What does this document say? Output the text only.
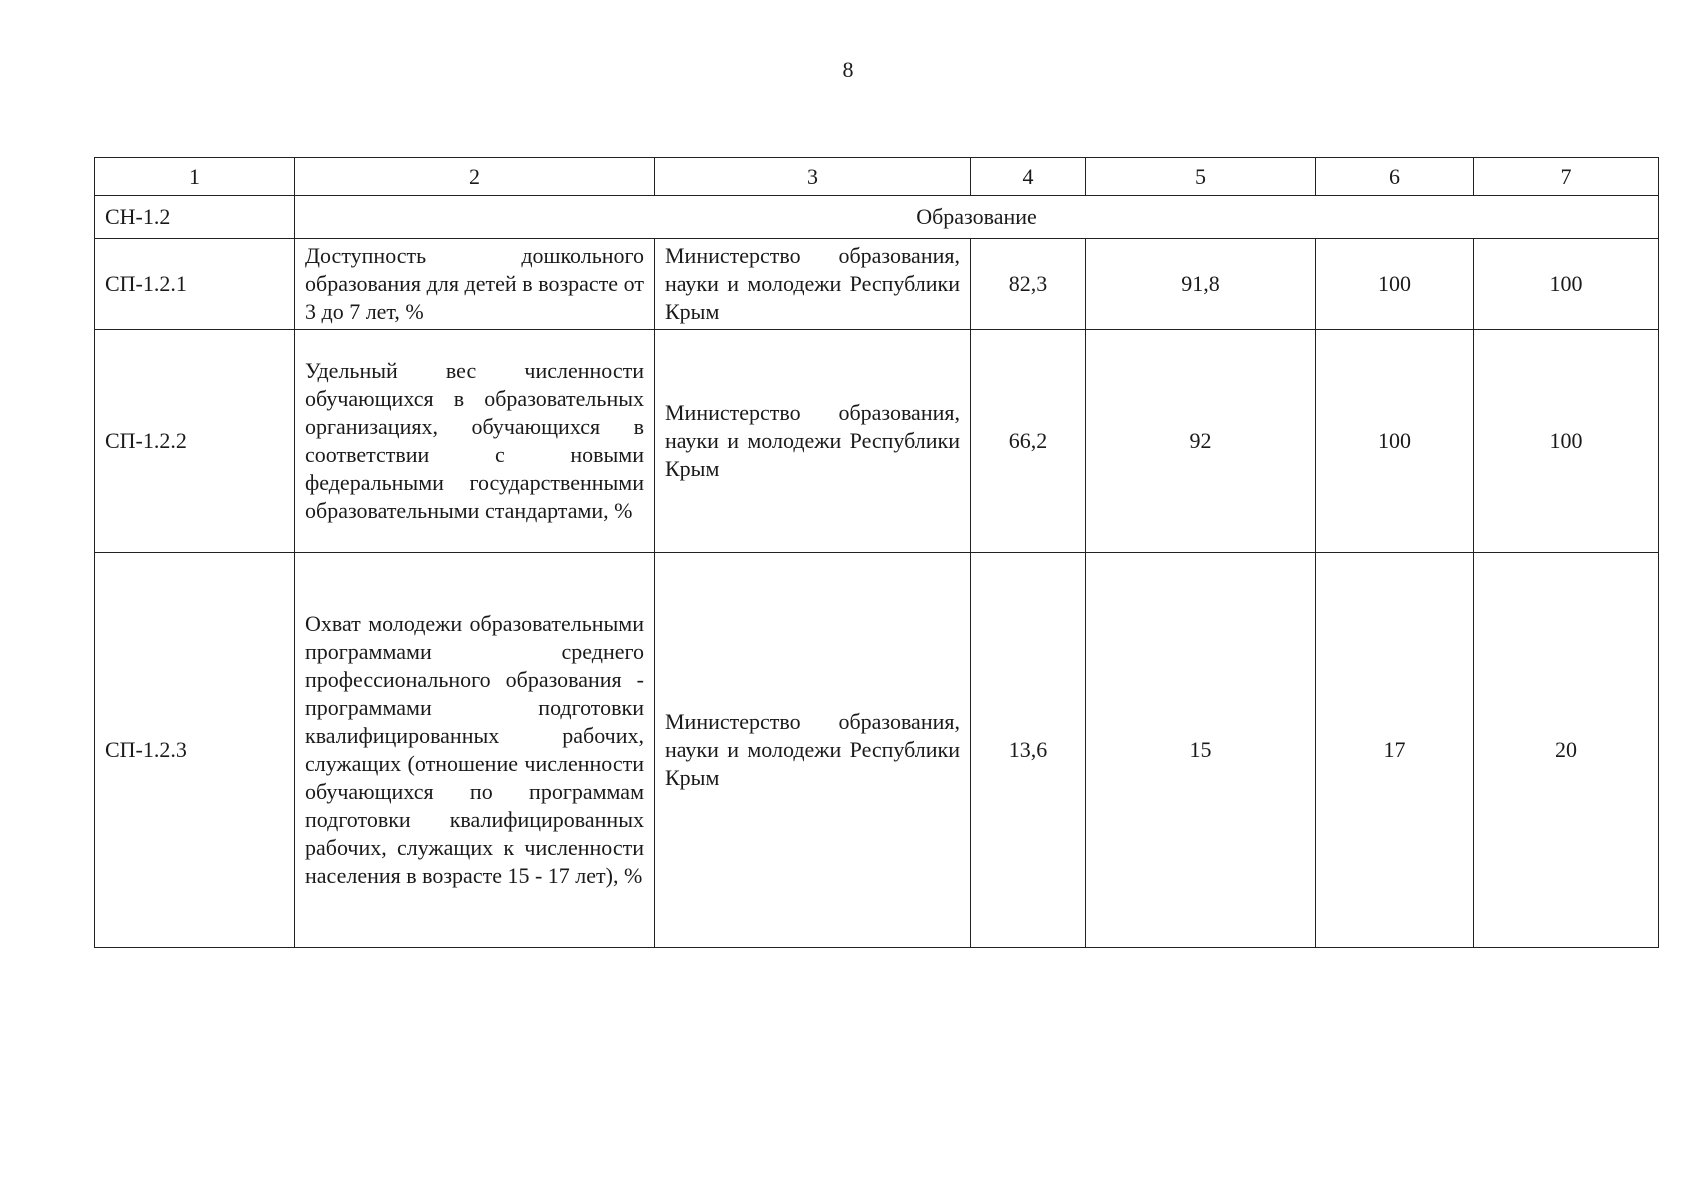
8
1	2	3	4	5	6	7
СН-1.2	Образование					
СП-1.2.1	Доступность дошкольного образования для детей в возрасте от 3 до 7 лет, %	Министерство образования, науки и молодежи Республики Крым	82,3	91,8	100	100
СП-1.2.2	Удельный вес численности обучающихся в образовательных организациях, обучающихся в соответствии с новыми федеральными государственными образовательными стандартами, %	Министерство образования, науки и молодежи Республики Крым	66,2	92	100	100
СП-1.2.3	Охват молодежи образовательными программами среднего профессионального образования - программами подготовки квалифицированных рабочих, служащих (отношение численности обучающихся по программам подготовки квалифицированных рабочих, служащих к численности населения в возрасте 15 - 17 лет), %	Министерство образования, науки и молодежи Республики Крым	13,6	15	17	20
